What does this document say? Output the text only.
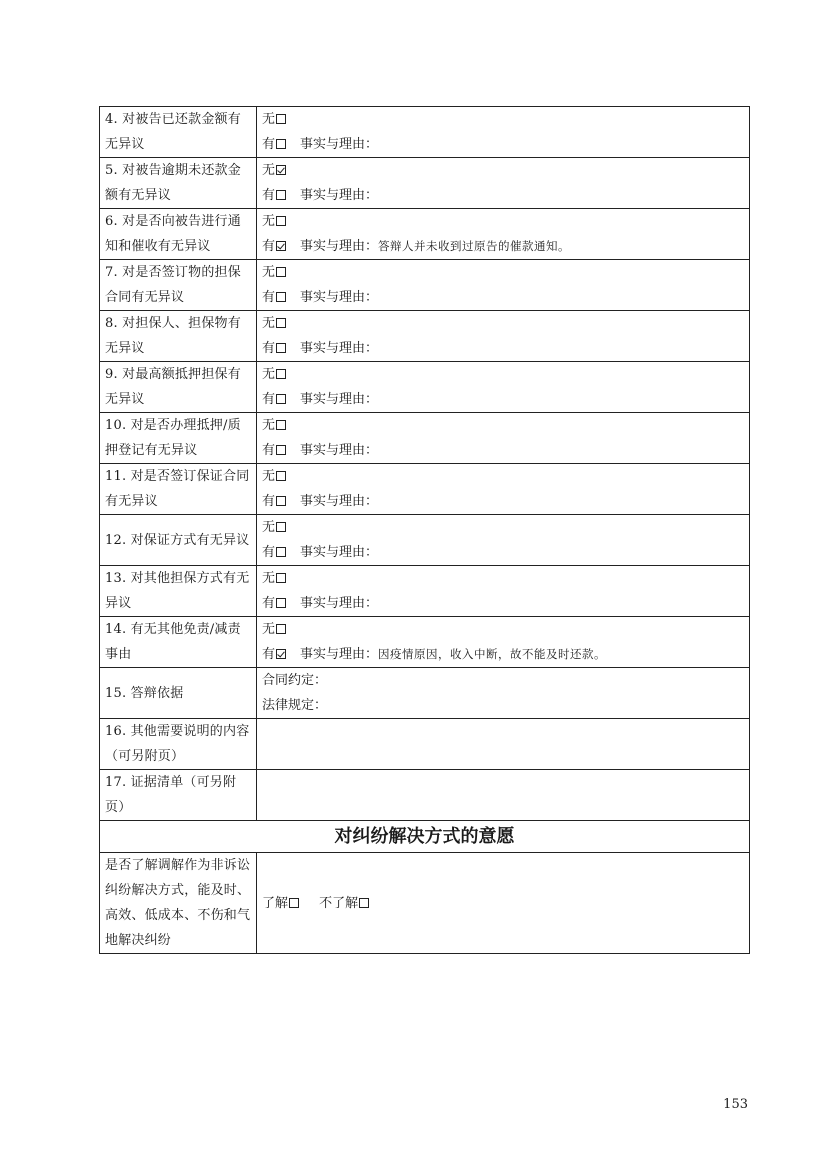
4. 对被告已还款金额有无异议	无
有 事实与理由：

5. 对被告逾期未还款金额有无异议	无
有 事实与理由：

6. 对是否向被告进行通知和催收有无异议	无
有 事实与理由：答辩人并未收到过原告的催款通知。

7. 对是否签订物的担保合同有无异议	无
有 事实与理由：

8. 对担保人、担保物有无异议	无
有 事实与理由：

9. 对最高额抵押担保有无异议	无
有 事实与理由：

10. 对是否办理抵押/质押登记有无异议	无
有 事实与理由：

11. 对是否签订保证合同有无异议	无
有 事实与理由：

12. 对保证方式有无异议	无
有 事实与理由：

13. 对其他担保方式有无异议	无
有 事实与理由：

14. 有无其他免责/减责事由	无
有 事实与理由：因疫情原因，收入中断，故不能及时还款。

15. 答辩依据	合同约定：
法律规定：

16. 其他需要说明的内容（可另附页）	
17. 证据清单（可另附页）	
对纠纷解决方式的意愿	
是否了解调解作为非诉讼纠纷解决方式，能及时、高效、低成本、不伤和气地解决纠纷	了解 不了解
153
